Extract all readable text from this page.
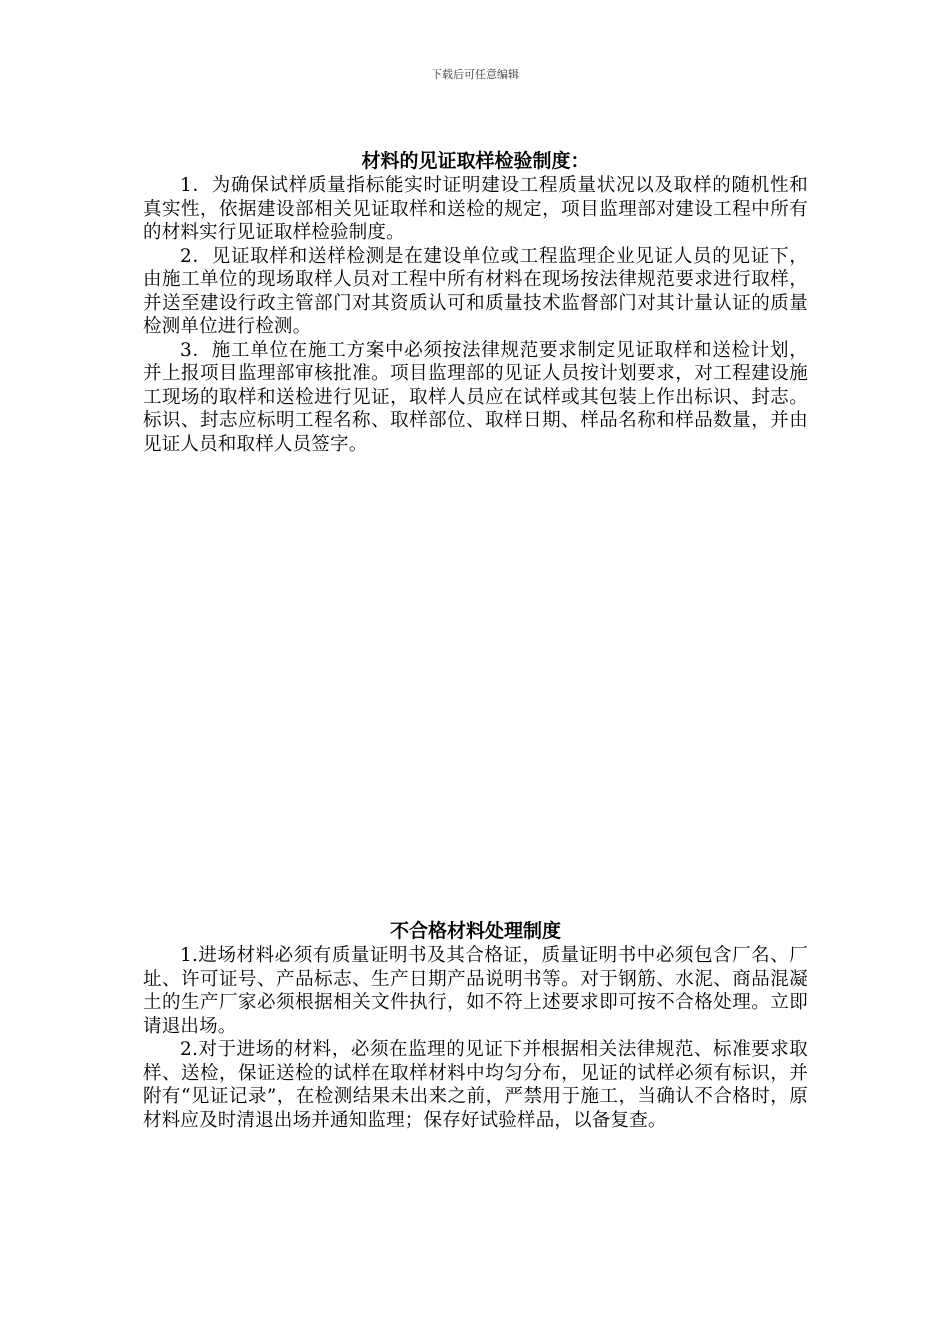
下载后可任意编辑
材料的见证取样检验制度：

1．为确保试样质量指标能实时证明建设工程质量状况以及取样的随机性和真实性，依据建设部相关见证取样和送检的规定，项目监理部对建设工程中所有的材料实行见证取样检验制度。

2．见证取样和送样检测是在建设单位或工程监理企业见证人员的见证下，由施工单位的现场取样人员对工程中所有材料在现场按法律规范要求进行取样，并送至建设行政主管部门对其资质认可和质量技术监督部门对其计量认证的质量检测单位进行检测。

3．施工单位在施工方案中必须按法律规范要求制定见证取样和送检计划，并上报项目监理部审核批准。项目监理部的见证人员按计划要求，对工程建设施工现场的取样和送检进行见证，取样人员应在试样或其包装上作出标识、封志。标识、封志应标明工程名称、取样部位、取样日期、样品名称和样品数量，并由见证人员和取样人员签字。

不合格材料处理制度

1.进场材料必须有质量证明书及其合格证，质量证明书中必须包含厂名、厂址、许可证号、产品标志、生产日期产品说明书等。对于钢筋、水泥、商品混凝土的生产厂家必须根据相关文件执行，如不符上述要求即可按不合格处理。立即请退出场。

2.对于进场的材料，必须在监理的见证下并根据相关法律规范、标准要求取样、送检，保证送检的试样在取样材料中均匀分布，见证的试样必须有标识，并附有“见证记录”，在检测结果未出来之前，严禁用于施工，当确认不合格时，原材料应及时清退出场并通知监理；保存好试验样品，以备复查。
